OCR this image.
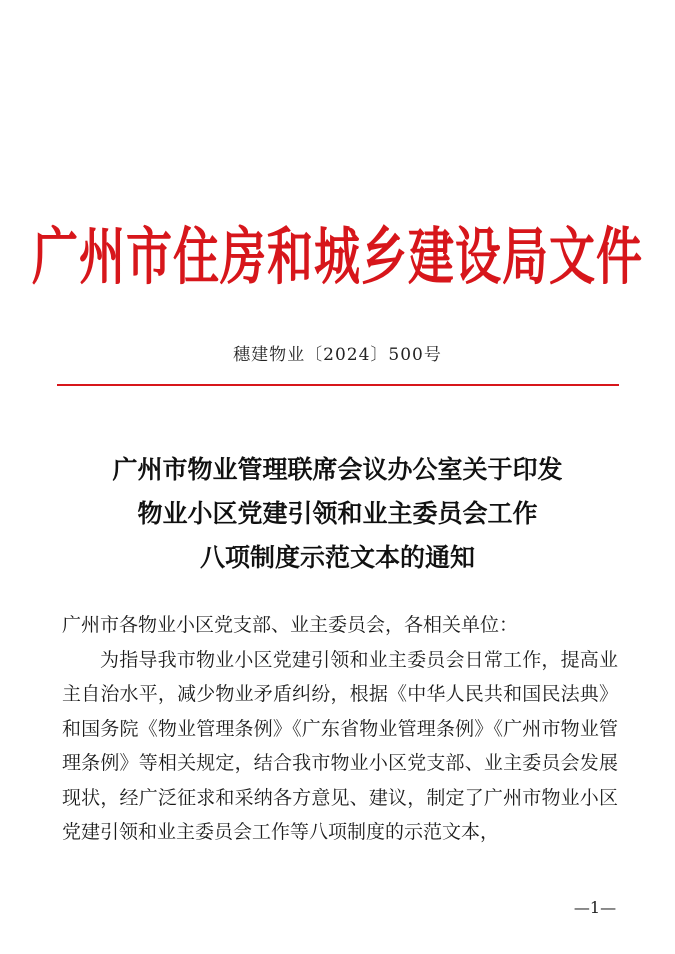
广州市住房和城乡建设局文件
穗建物业〔2024〕500号
广州市物业管理联席会议办公室关于印发
物业小区党建引领和业主委员会工作
八项制度示范文本的通知
广州市各物业小区党支部、业主委员会，各相关单位：

为指导我市物业小区党建引领和业主委员会日常工作，提高业主自治水平，减少物业矛盾纠纷，根据《中华人民共和国民法典》和国务院《物业管理条例》《广东省物业管理条例》《广州市物业管理条例》等相关规定，结合我市物业小区党支部、业主委员会发展现状，经广泛征求和采纳各方意见、建议，制定了广州市物业小区党建引领和业主委员会工作等八项制度的示范文本，

—1—
